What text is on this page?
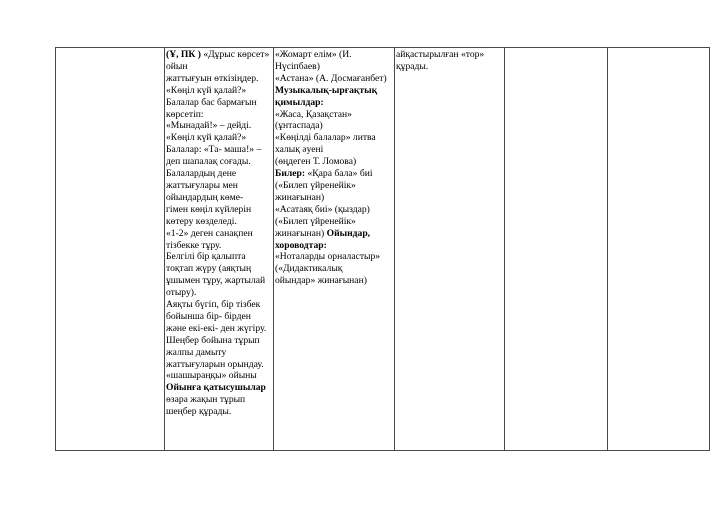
(Ұ, ПК ) «Дұрыс көрсет»
ойын
жаттығуын өткізіңдер.
«Көңіл күй қалай?»
Балалар бас бармағын
көрсетіп:
«Мынадай!» – дейді.
«Көңіл күй қалай?»
Балалар: «Та- маша!» –
деп шапалақ соғады.
Балалардың дене
жаттығулары мен
ойындардың көме-
гімен көңіл күйлерін
көтеру көзделеді.
«1-2» деген санақпен
тізбекке тұру.
Белгілі бір қалыпта
тоқтап жүру (аяқтың
ұшымен тұру, жартылай
отыру).
Аяқты бүгіп, бір тізбек
бойынша бір- бірден
және екі-екі- ден жүгіру.
Шеңбер бойына тұрып
жалпы дамыту
жаттығуларын орындау.
«шашыраңқы» ойыны
Ойынға қатысушылар
өзара жақын тұрып
шеңбер құрады.
«Жомарт елім» (И.
Нүсіпбаев)
«Астана» (А. Досмағанбет)
Музыкалық-ырғақтық
қимылдар:
«Жаса, Қазақстан»
(ұнтаспада)
«Көңілді балалар» литва
халық әуені
(өңдеген Т. Ломова)
Билер: «Қара бала» биі
(«Билеп үйренейік»
жинағынан)
«Асатаяқ биі» (қыздар)
(«Билеп үйренейік»
жинағынан) Ойындар,
хороводтар:
«Ноталарды орналастыр»
(«Дидактикалық
ойындар» жинағынан)
айқастырылған «тор»
құрады.
